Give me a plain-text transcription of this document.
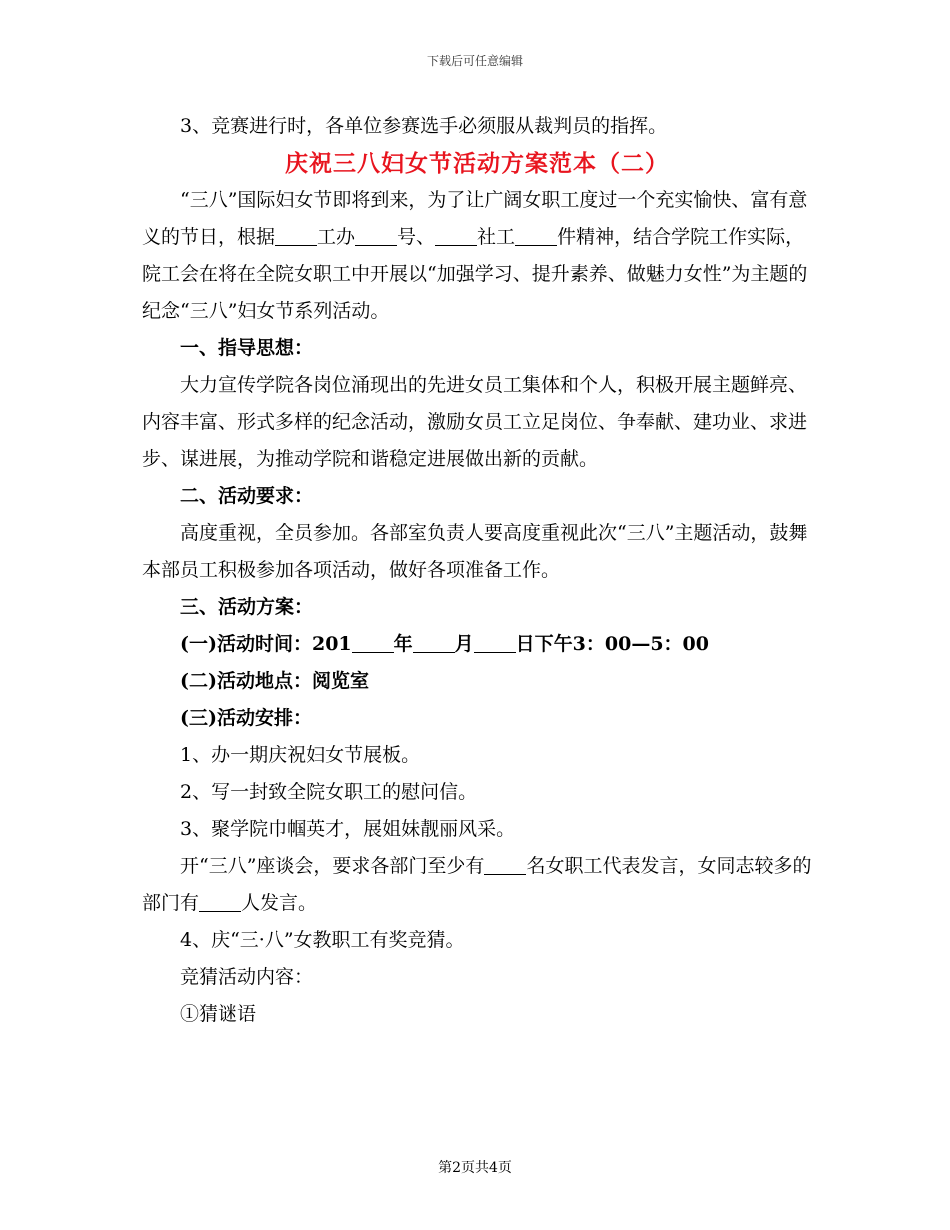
下载后可任意编辑

3、竞赛进行时，各单位参赛选手必须服从裁判员的指挥。

庆祝三八妇女节活动方案范本（二）

“三八”国际妇女节即将到来，为了让广阔女职工度过一个充实愉快、富有意义的节日，根据 工办 号、 社工 件精神，结合学院工作实际，院工会在将在全院女职工中开展以“加强学习、提升素养、做魅力女性”为主题的纪念“三八”妇女节系列活动。

一、指导思想：

大力宣传学院各岗位涌现出的先进女员工集体和个人，积极开展主题鲜亮、内容丰富、形式多样的纪念活动，激励女员工立足岗位、争奉献、建功业、求进步、谋进展，为推动学院和谐稳定进展做出新的贡献。

二、活动要求：

高度重视，全员参加。各部室负责人要高度重视此次“三八”主题活动，鼓舞本部员工积极参加各项活动，做好各项准备工作。

三、活动方案：

(一)活动时间：201 年 月 日下午3：00—5：00

(二)活动地点：阅览室

(三)活动安排：

1、办一期庆祝妇女节展板。

2、写一封致全院女职工的慰问信。

3、聚学院巾帼英才，展姐妹靓丽风采。

开“三八”座谈会，要求各部门至少有 名女职工代表发言，女同志较多的部门有 人发言。

4、庆“三·八”女教职工有奖竞猜。

竞猜活动内容：

①猜谜语

第2页共4页
